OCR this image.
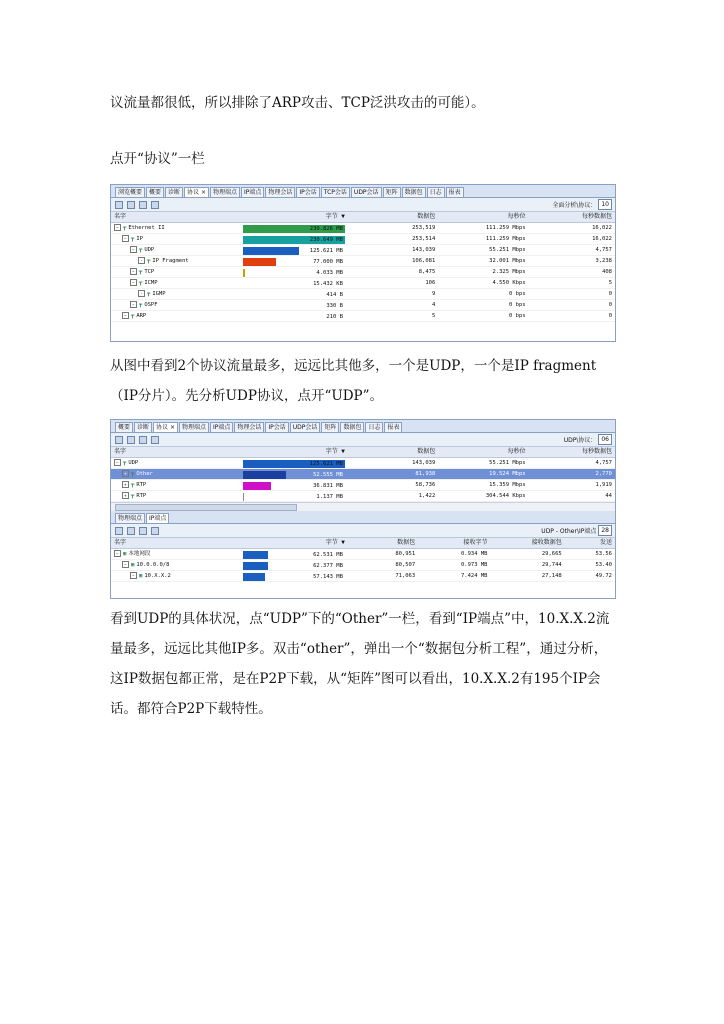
议流量都很低，所以排除了ARP攻击、TCP泛洪攻击的可能）。
点开“协议”一栏
浏览概要	概要	诊断	协议 ×	物理端点	IP端点	物理会话	IP会话	TCP会话	UDP会话	矩阵	数据包	日志	报表
全面分析\协议： 10
名字	字节 ▼	数据包	每秒位	每秒数据包
− ┳ Ethernet II	230.826 MB	253,519	111.259 Mbps	16,022
− ┳ IP	230.649 MB	253,514	111.259 Mbps	16,022
− ┳ UDP	125.621 MB	143,039	55.251 Mbps	4,757
· ┳ IP Fragment	77.000 MB	106,081	32.001 Mbps	3,238
− ┳ TCP	4.033 MB	8,475	2.325 Mbps	408
− ┳ ICMP	15.432 KB	106	4.550 Kbps	5
· ┳ IGMP	414 B	9	0 bps	0
− ┳ OSPF	330 B	4	0 bps	0
− ┳ ARP	210 B	5	0 bps	0
从图中看到2个协议流量最多，远远比其他多，一个是UDP，一个是IP fragment（IP分片）。先分析UDP协议，点开“UDP”。
概要	诊断	协议 ×	物理端点	IP端点	物理会话	IP会话	UDP会话	矩阵	数据包	日志	报表
UDP\协议： 06
名字	字节 ▼	数据包	每秒位	每秒数据包
− ┳ UDP	125.621 MB	143,039	55.251 Mbps	4,757
+ ┳ Other	52.555 MB	81,938	19.524 Mbps	2,770
+ ┳ RTP	36.831 MB	58,736	15.359 Mbps	1,919
+ ┳ RTP	1.137 MB	1,422	304.544 Kbps	44
物理端点	IP端点
UDP - Other\IP端点 28
名字	字节 ▼	数据包	接收字节	接收数据包	发送
− ▣ 本地网段	62.531 MB	80,951	0.934 MB	29,665	53.56
− ▣ 10.0.0.0/8	62.377 MB	80,507	0.973 MB	29,744	53.40
− ▣ 10.X.X.2	57.143 MB	71,063	7.424 MB	27,148	49.72
看到UDP的具体状况，点“UDP”下的“Other”一栏，看到“IP端点”中，10.X.X.2流量最多，远远比其他IP多。双击“other”，弹出一个“数据包分析工程”，通过分析，这IP数据包都正常，是在P2P下载，从“矩阵”图可以看出，10.X.X.2有195个IP会话。都符合P2P下载特性。
